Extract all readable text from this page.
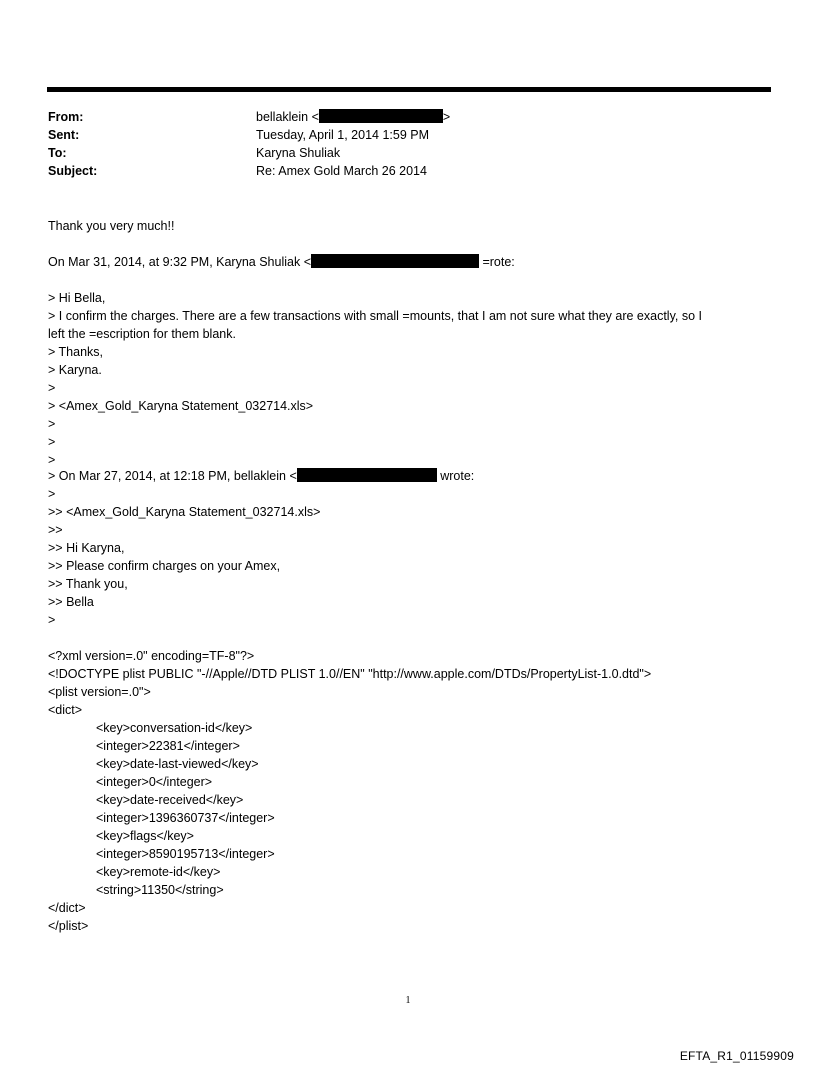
From:	bellaklein <	>
Sent:	Tuesday, April 1, 2014 1:59 PM
To:	Karyna Shuliak
Subject:	Re: Amex Gold March 26 2014
Thank you very much!!
On Mar 31, 2014, at 9:32 PM, Karyna Shuliak <	=rote:
> Hi Bella,
> I confirm the charges. There are a few transactions with small =mounts, that I am not sure what they are exactly, so I
left the =escription for them blank.
> Thanks,
> Karyna.
>
> <Amex_Gold_Karyna Statement_032714.xls>
>
>
>
> On Mar 27, 2014, at 12:18 PM, bellaklein <	wrote:
>
>> <Amex_Gold_Karyna Statement_032714.xls>
>>
>> Hi Karyna,
>> Please confirm charges on your Amex,
>> Thank you,
>> Bella
>
<?xml version=.0" encoding=TF-8"?>
<!DOCTYPE plist PUBLIC "-//Apple//DTD PLIST 1.0//EN" "http://www.apple.com/DTDs/PropertyList-1.0.dtd">
<plist version=.0">
<dict>
<key>conversation-id</key>
<integer>22381</integer>
<key>date-last-viewed</key>
<integer>0</integer>
<key>date-received</key>
<integer>1396360737</integer>
<key>flags</key>
<integer>8590195713</integer>
<key>remote-id</key>
<string>11350</string>
</dict>
</plist>
1
EFTA_R1_01159909
